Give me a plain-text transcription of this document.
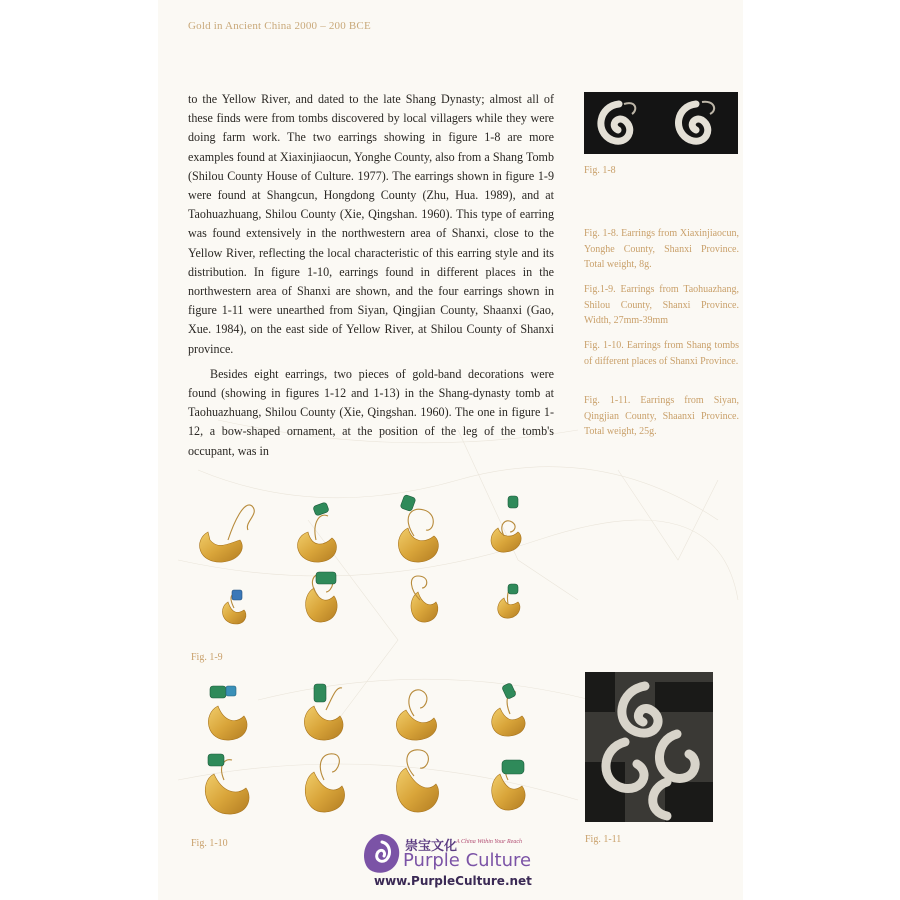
Gold in Ancient China 2000 – 200 BCE

to the Yellow River, and dated to the late Shang Dynasty; almost all of these finds were from tombs discovered by local villagers while they were doing farm work. The two earrings showing in figure 1-8 are more examples found at Xiaxinjiaocun, Yonghe County, also from a Shang Tomb (Shilou County House of Culture. 1977). The earrings shown in figure 1-9 were found at Shangcun, Hongdong County (Zhu, Hua. 1989), and at Taohuazhuang, Shilou County (Xie, Qingshan. 1960). This type of earring was found extensively in the northwestern area of Shanxi, close to the Yellow River, reflecting the local characteristic of this earring style and its distribution. In figure 1-10, earrings found in different places in the northwestern area of Shanxi are shown, and the four earrings shown in figure 1-11 were unearthed from Siyan, Qingjian County, Shaanxi (Gao, Xue. 1984), on the east side of Yellow River, at Shilou County of Shanxi province.

Besides eight earrings, two pieces of gold-band decorations were found (showing in figures 1-12 and 1-13) in the Shang-dynasty tomb at Taohuazhuang, Shilou County (Xie, Qingshan. 1960). The one in figure 1-12, a bow-shaped ornament, at the position of the leg of the tomb's occupant, was in

Fig. 1-8
Fig. 1-8. Earrings from Xiaxinjiaocun, Yonghe County, Shanxi Province. Total weight, 8g.
Fig.1-9. Earrings from Taohuazhang, Shilou County, Shanxi Province. Width, 27mm-39mm
Fig. 1-10. Earrings from Shang tombs of different places of Shanxi Province.
Fig. 1-11. Earrings from Siyan, Qingjian County, Shaanxi Province. Total weight, 25g.
Fig. 1-9
Fig. 1-10	Fig. 1-11
崇宝文化
A China Within Your Reach
Purple Culture
www.PurpleCulture.net
